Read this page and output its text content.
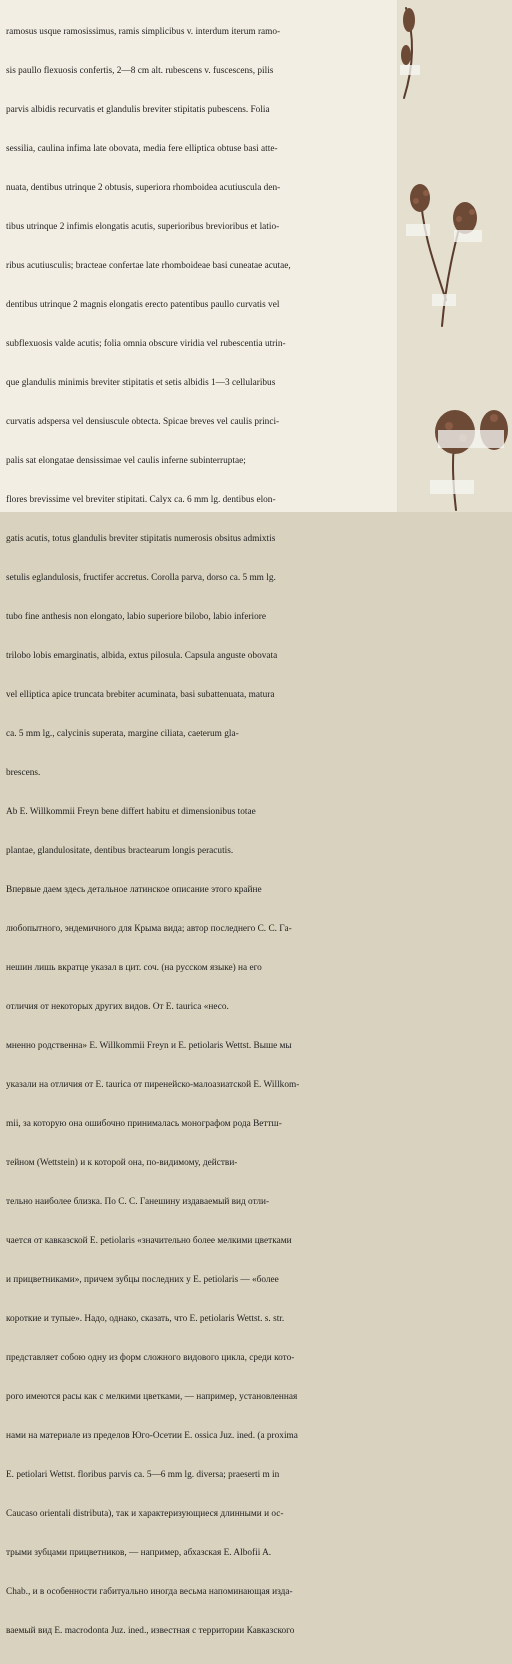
ramosus usque ramosissimus, ramis simplicibus v. interdum iterum ramo-

sis paullo flexuosis confertis, 2—8 cm alt. rubescens v. fuscescens, pilis

parvis albidis recurvatis et glandulis breviter stipitatis pubescens. Folia

sessilia, caulina infima late obovata, media fere elliptica obtuse basi atte-

nuata, dentibus utrinque 2 obtusis, superiora rhomboidea acutiuscula den-

tibus utrinque 2 infimis elongatis acutis, superioribus brevioribus et latio-

ribus acutiusculis; bracteae confertae late rhomboideae basi cuneatae acutae,

dentibus utrinque 2 magnis elongatis erecto patentibus paullo curvatis vel

subflexuosis valde acutis; folia omnia obscure viridia vel rubescentia utrin-

que glandulis minimis breviter stipitatis et setis albidis 1—3 cellularibus

curvatis adspersa vel densiuscule obtecta. Spicae breves vel caulis princi-

palis sat elongatae densissimae vel caulis inferne subinterruptae;

flores brevissime vel breviter stipitati. Calyx ca. 6 mm lg. dentibus elon-

gatis acutis, totus glandulis breviter stipitatis numerosis obsitus admixtis

setulis eglandulosis, fructifer accretus. Corolla parva, dorso ca. 5 mm lg.

tubo fine anthesis non elongato, labio superiore bilobo, labio inferiore

trilobo lobis emarginatis, albida, extus pilosula. Capsula anguste obovata

vel elliptica apice truncata brebiter acuminata, basi subattenuata, matura

ca. 5 mm lg., calycinis superata, margine ciliata, caeterum gla-

brescens.

Ab E. Willkommii Freyn bene differt habitu et dimensionibus totae

plantae, glandulositate, dentibus bractearum longis peracutis.

Впервые даем здесь детальное латинское описание этого крайне

любопытного, эндемичного для Крыма вида; автор последнего С. С. Га-

нешин лишь вкратце указал в цит. соч. (на русском языке) на его

отличия от некоторых других видов. От E. taurica «несо.

мненно родственна» E. Willkommii Freyn и E. petiolaris Wettst. Выше мы

указали на отличия от E. taurica от пиренейско-малоазиатской E. Willkom-

mii, за которую она ошибочно принималась монографом рода Веттш-

тейном (Wettstein) и к которой она, по-видимому, действи-

тельно наиболее близка. По С. С. Ганешину издаваемый вид отли-

чается от кавказской E. petiolaris «значительно более мелкими цветками

и прицветниками», причем зубцы последних у E. petiolaris — «более

короткие и тупые». Надо, однако, сказать, что E. petiolaris Wettst. s. str.

представляет собою одну из форм сложного видового цикла, среди кото-

рого имеются расы как с мелкими цветками, — например, установленная

нами на материале из пределов Юго-Осетии E. ossica Juz. ined. (a proxima

E. petiolari Wettst. floribus parvis ca. 5—6 mm lg. diversa; praeserti m in

Caucaso orientali distributa), так и характеризующиеся длинными и ос-

трыми зубцами прицветников, — например, абхазская E. Albofii A.

Chab., и в особенности габитуально иногда весьма напоминающая изда-

ваемый вид E. macrodonta Juz. ined., известная с территории Кавказского
